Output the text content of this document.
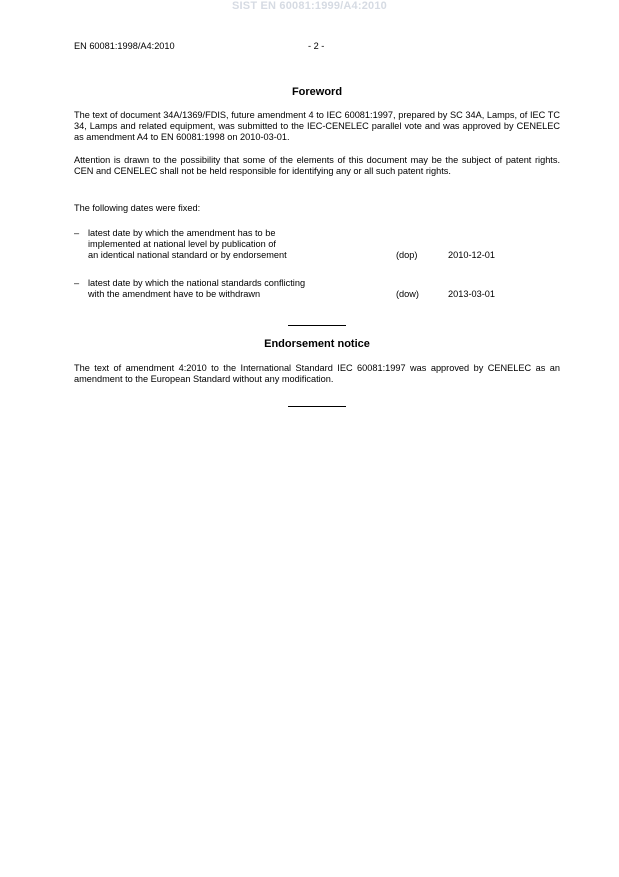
SIST EN 60081:1999/A4:2010
EN 60081:1998/A4:2010	- 2 -
Foreword
The text of document 34A/1369/FDIS, future amendment 4 to IEC 60081:1997, prepared by SC 34A, Lamps, of IEC TC 34, Lamps and related equipment, was submitted to the IEC-CENELEC parallel vote and was approved by CENELEC as amendment A4 to EN 60081:1998 on 2010-03-01.
Attention is drawn to the possibility that some of the elements of this document may be the subject of patent rights. CEN and CENELEC shall not be held responsible for identifying any or all such patent rights.
The following dates were fixed:
– latest date by which the amendment has to be
implemented at national level by publication of
an identical national standard or by endorsement	(dop)	2010-12-01
– latest date by which the national standards conflicting
with the amendment have to be withdrawn	(dow)	2013-03-01
Endorsement notice
The text of amendment 4:2010 to the International Standard IEC 60081:1997 was approved by CENELEC as an amendment to the European Standard without any modification.
